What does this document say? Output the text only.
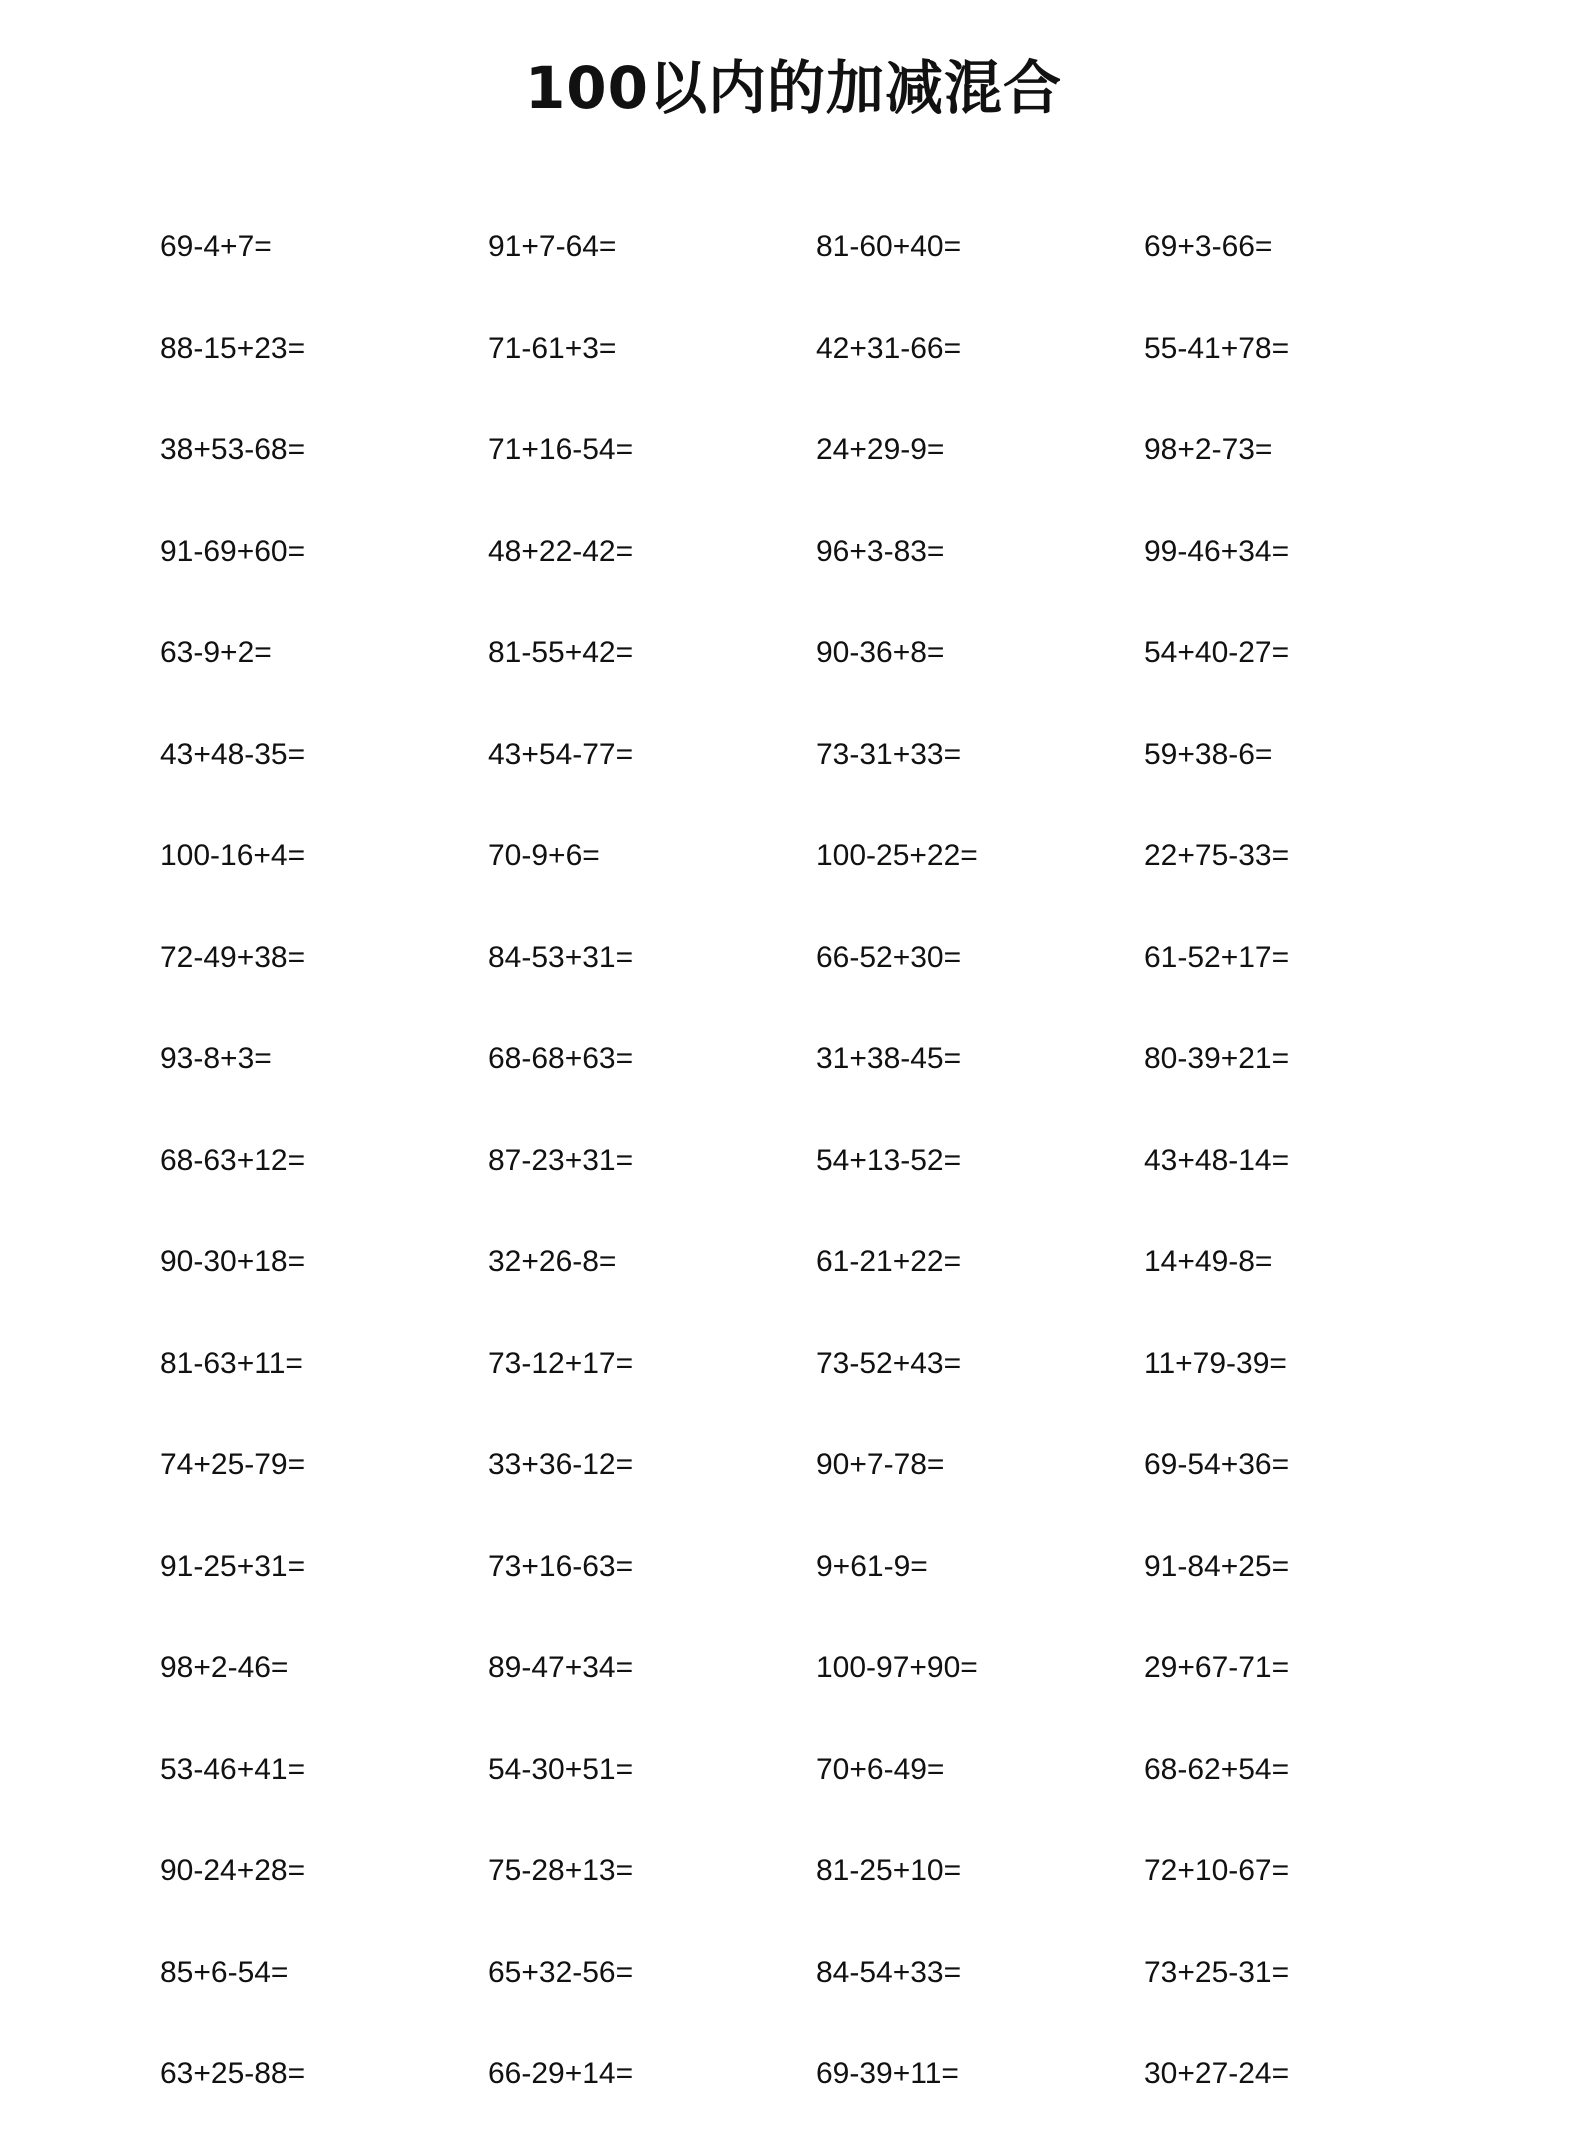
100以内的加减混合
69-4+7=	91+7-64=	81-60+40=	69+3-66=
88-15+23=	71-61+3=	42+31-66=	55-41+78=
38+53-68=	71+16-54=	24+29-9=	98+2-73=
91-69+60=	48+22-42=	96+3-83=	99-46+34=
63-9+2=	81-55+42=	90-36+8=	54+40-27=
43+48-35=	43+54-77=	73-31+33=	59+38-6=
100-16+4=	70-9+6=	100-25+22=	22+75-33=
72-49+38=	84-53+31=	66-52+30=	61-52+17=
93-8+3=	68-68+63=	31+38-45=	80-39+21=
68-63+12=	87-23+31=	54+13-52=	43+48-14=
90-30+18=	32+26-8=	61-21+22=	14+49-8=
81-63+11=	73-12+17=	73-52+43=	11+79-39=
74+25-79=	33+36-12=	90+7-78=	69-54+36=
91-25+31=	73+16-63=	9+61-9=	91-84+25=
98+2-46=	89-47+34=	100-97+90=	29+67-71=
53-46+41=	54-30+51=	70+6-49=	68-62+54=
90-24+28=	75-28+13=	81-25+10=	72+10-67=
85+6-54=	65+32-56=	84-54+33=	73+25-31=
63+25-88=	66-29+14=	69-39+11=	30+27-24=
